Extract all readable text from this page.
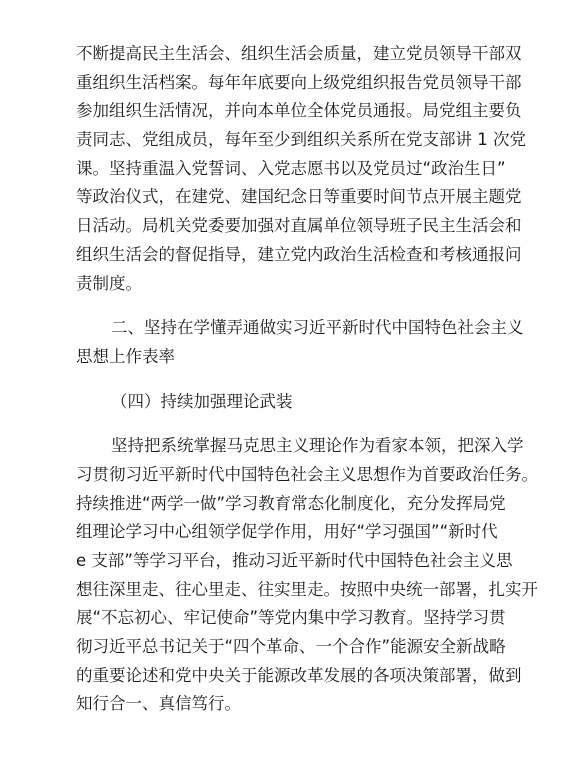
不断提高民主生活会、组织生活会质量，建立党员领导干部双
重组织生活档案。每年年底要向上级党组织报告党员领导干部
参加组织生活情况，并向本单位全体党员通报。局党组主要负
责同志、党组成员，每年至少到组织关系所在党支部讲 1 次党
课。坚持重温入党誓词、入党志愿书以及党员过“政治生日”
等政治仪式，在建党、建国纪念日等重要时间节点开展主题党
日活动。局机关党委要加强对直属单位领导班子民主生活会和
组织生活会的督促指导，建立党内政治生活检查和考核通报问
责制度。
二、坚持在学懂弄通做实习近平新时代中国特色社会主义
思想上作表率
（四）持续加强理论武装
坚持把系统掌握马克思主义理论作为看家本领，把深入学
习贯彻习近平新时代中国特色社会主义思想作为首要政治任务。
持续推进“两学一做”学习教育常态化制度化，充分发挥局党
组理论学习中心组领学促学作用，用好“学习强国”“新时代
e 支部”等学习平台，推动习近平新时代中国特色社会主义思
想往深里走、往心里走、往实里走。按照中央统一部署，扎实开
展“不忘初心、牢记使命”等党内集中学习教育。坚持学习贯
彻习近平总书记关于“四个革命、一个合作”能源安全新战略
的重要论述和党中央关于能源改革发展的各项决策部署，做到
知行合一、真信笃行。
